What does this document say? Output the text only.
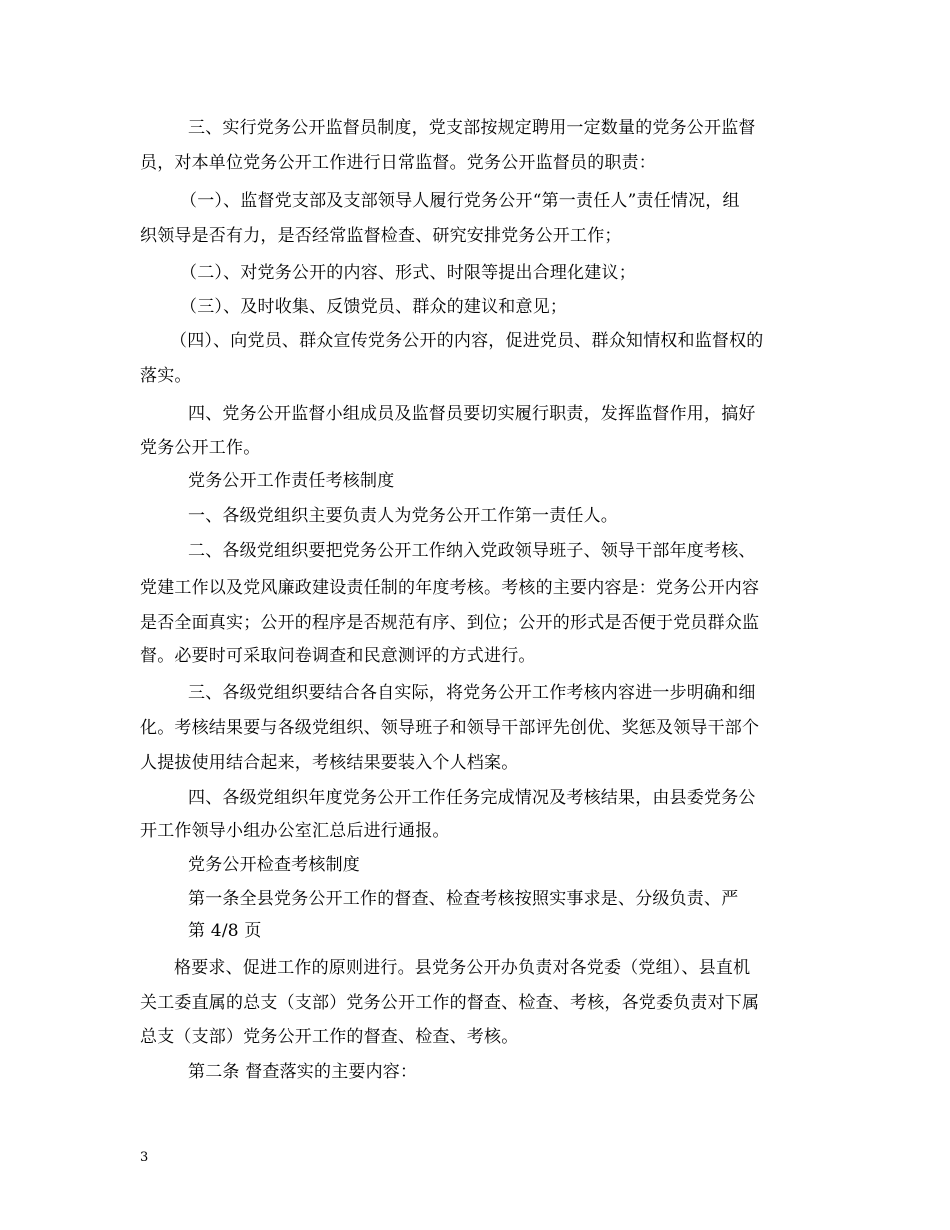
三、实行党务公开监督员制度，党支部按规定聘用一定数量的党务公开监督
员，对本单位党务公开工作进行日常监督。党务公开监督员的职责：
（一）、监督党支部及支部领导人履行党务公开“第一责任人”责任情况，组
织领导是否有力，是否经常监督检查、研究安排党务公开工作；
（二）、对党务公开的内容、形式、时限等提出合理化建议；
（三）、及时收集、反馈党员、群众的建议和意见；
（四）、向党员、群众宣传党务公开的内容，促进党员、群众知情权和监督权的
落实。
四、党务公开监督小组成员及监督员要切实履行职责，发挥监督作用，搞好
党务公开工作。
党务公开工作责任考核制度
一、各级党组织主要负责人为党务公开工作第一责任人。
二、各级党组织要把党务公开工作纳入党政领导班子、领导干部年度考核、
党建工作以及党风廉政建设责任制的年度考核。考核的主要内容是：党务公开内容
是否全面真实；公开的程序是否规范有序、到位；公开的形式是否便于党员群众监
督。必要时可采取问卷调查和民意测评的方式进行。
三、各级党组织要结合各自实际，将党务公开工作考核内容进一步明确和细
化。考核结果要与各级党组织、领导班子和领导干部评先创优、奖惩及领导干部个
人提拔使用结合起来，考核结果要装入个人档案。
四、各级党组织年度党务公开工作任务完成情况及考核结果，由县委党务公
开工作领导小组办公室汇总后进行通报。
党务公开检查考核制度
第一条全县党务公开工作的督查、检查考核按照实事求是、分级负责、严
第 4/8 页
格要求、促进工作的原则进行。县党务公开办负责对各党委（党组）、县直机
关工委直属的总支（支部）党务公开工作的督查、检查、考核，各党委负责对下属
总支（支部）党务公开工作的督查、检查、考核。
第二条 督查落实的主要内容：
3
